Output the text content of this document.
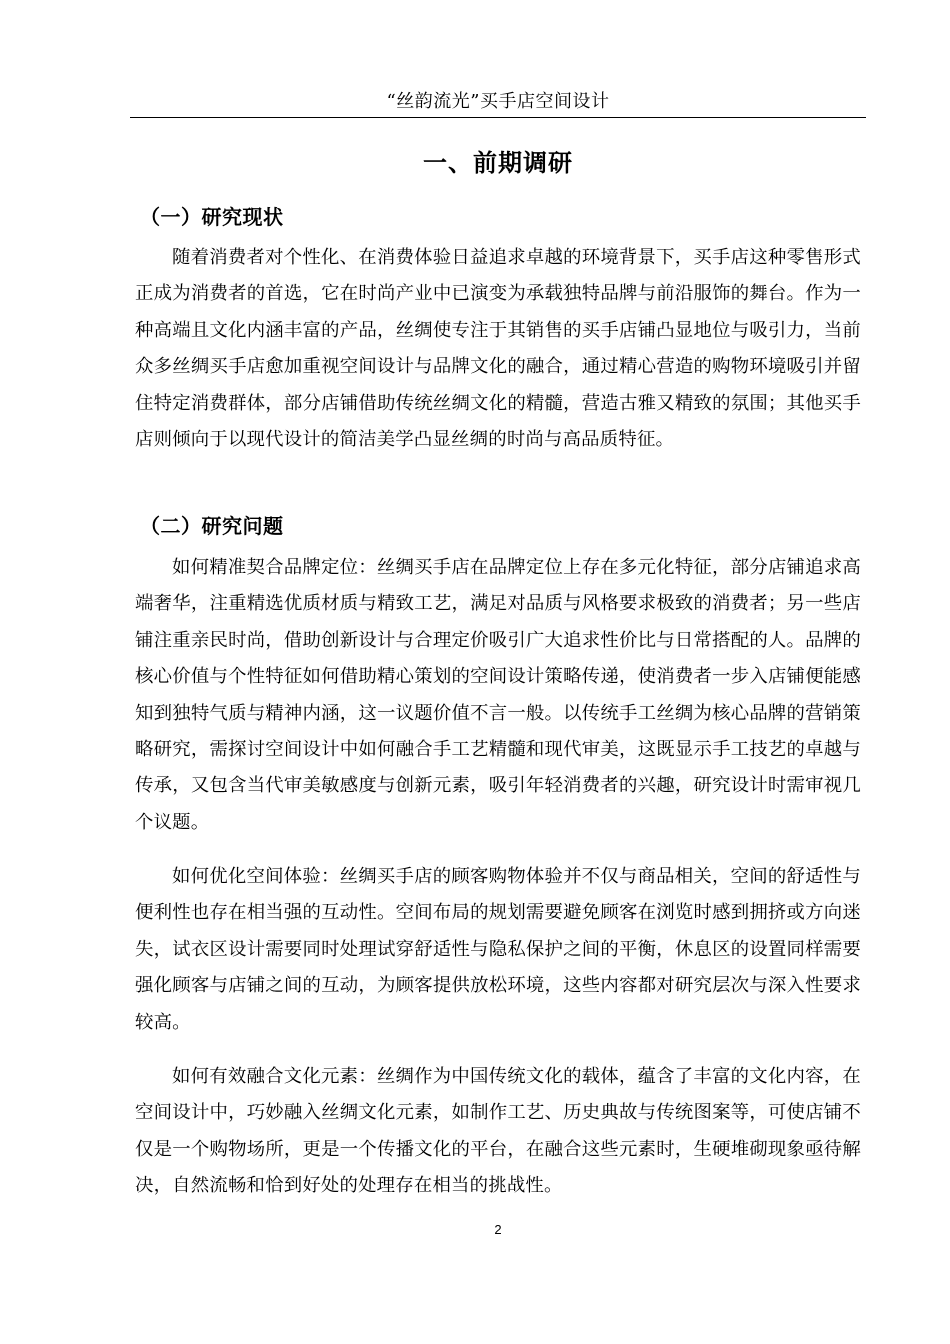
“丝韵流光”买手店空间设计
一、前期调研
（一）研究现状

随着消费者对个性化、在消费体验日益追求卓越的环境背景下，买手店这种零售形式正成为消费者的首选，它在时尚产业中已演变为承载独特品牌与前沿服饰的舞台。作为一种高端且文化内涵丰富的产品，丝绸使专注于其销售的买手店铺凸显地位与吸引力，当前众多丝绸买手店愈加重视空间设计与品牌文化的融合，通过精心营造的购物环境吸引并留住特定消费群体，部分店铺借助传统丝绸文化的精髓，营造古雅又精致的氛围；其他买手店则倾向于以现代设计的简洁美学凸显丝绸的时尚与高品质特征。

（二）研究问题

如何精准契合品牌定位：丝绸买手店在品牌定位上存在多元化特征，部分店铺追求高端奢华，注重精选优质材质与精致工艺，满足对品质与风格要求极致的消费者；另一些店铺注重亲民时尚，借助创新设计与合理定价吸引广大追求性价比与日常搭配的人。品牌的核心价值与个性特征如何借助精心策划的空间设计策略传递，使消费者一步入店铺便能感知到独特气质与精神内涵，这一议题价值不言一般。以传统手工丝绸为核心品牌的营销策略研究，需探讨空间设计中如何融合手工艺精髓和现代审美，这既显示手工技艺的卓越与传承，又包含当代审美敏感度与创新元素，吸引年轻消费者的兴趣，研究设计时需审视几个议题。

如何优化空间体验：丝绸买手店的顾客购物体验并不仅与商品相关，空间的舒适性与便利性也存在相当强的互动性。空间布局的规划需要避免顾客在浏览时感到拥挤或方向迷失，试衣区设计需要同时处理试穿舒适性与隐私保护之间的平衡，休息区的设置同样需要强化顾客与店铺之间的互动，为顾客提供放松环境，这些内容都对研究层次与深入性要求较高。

如何有效融合文化元素：丝绸作为中国传统文化的载体，蕴含了丰富的文化内容，在空间设计中，巧妙融入丝绸文化元素，如制作工艺、历史典故与传统图案等，可使店铺不仅是一个购物场所，更是一个传播文化的平台，在融合这些元素时，生硬堆砌现象亟待解决，自然流畅和恰到好处的处理存在相当的挑战性。

2
